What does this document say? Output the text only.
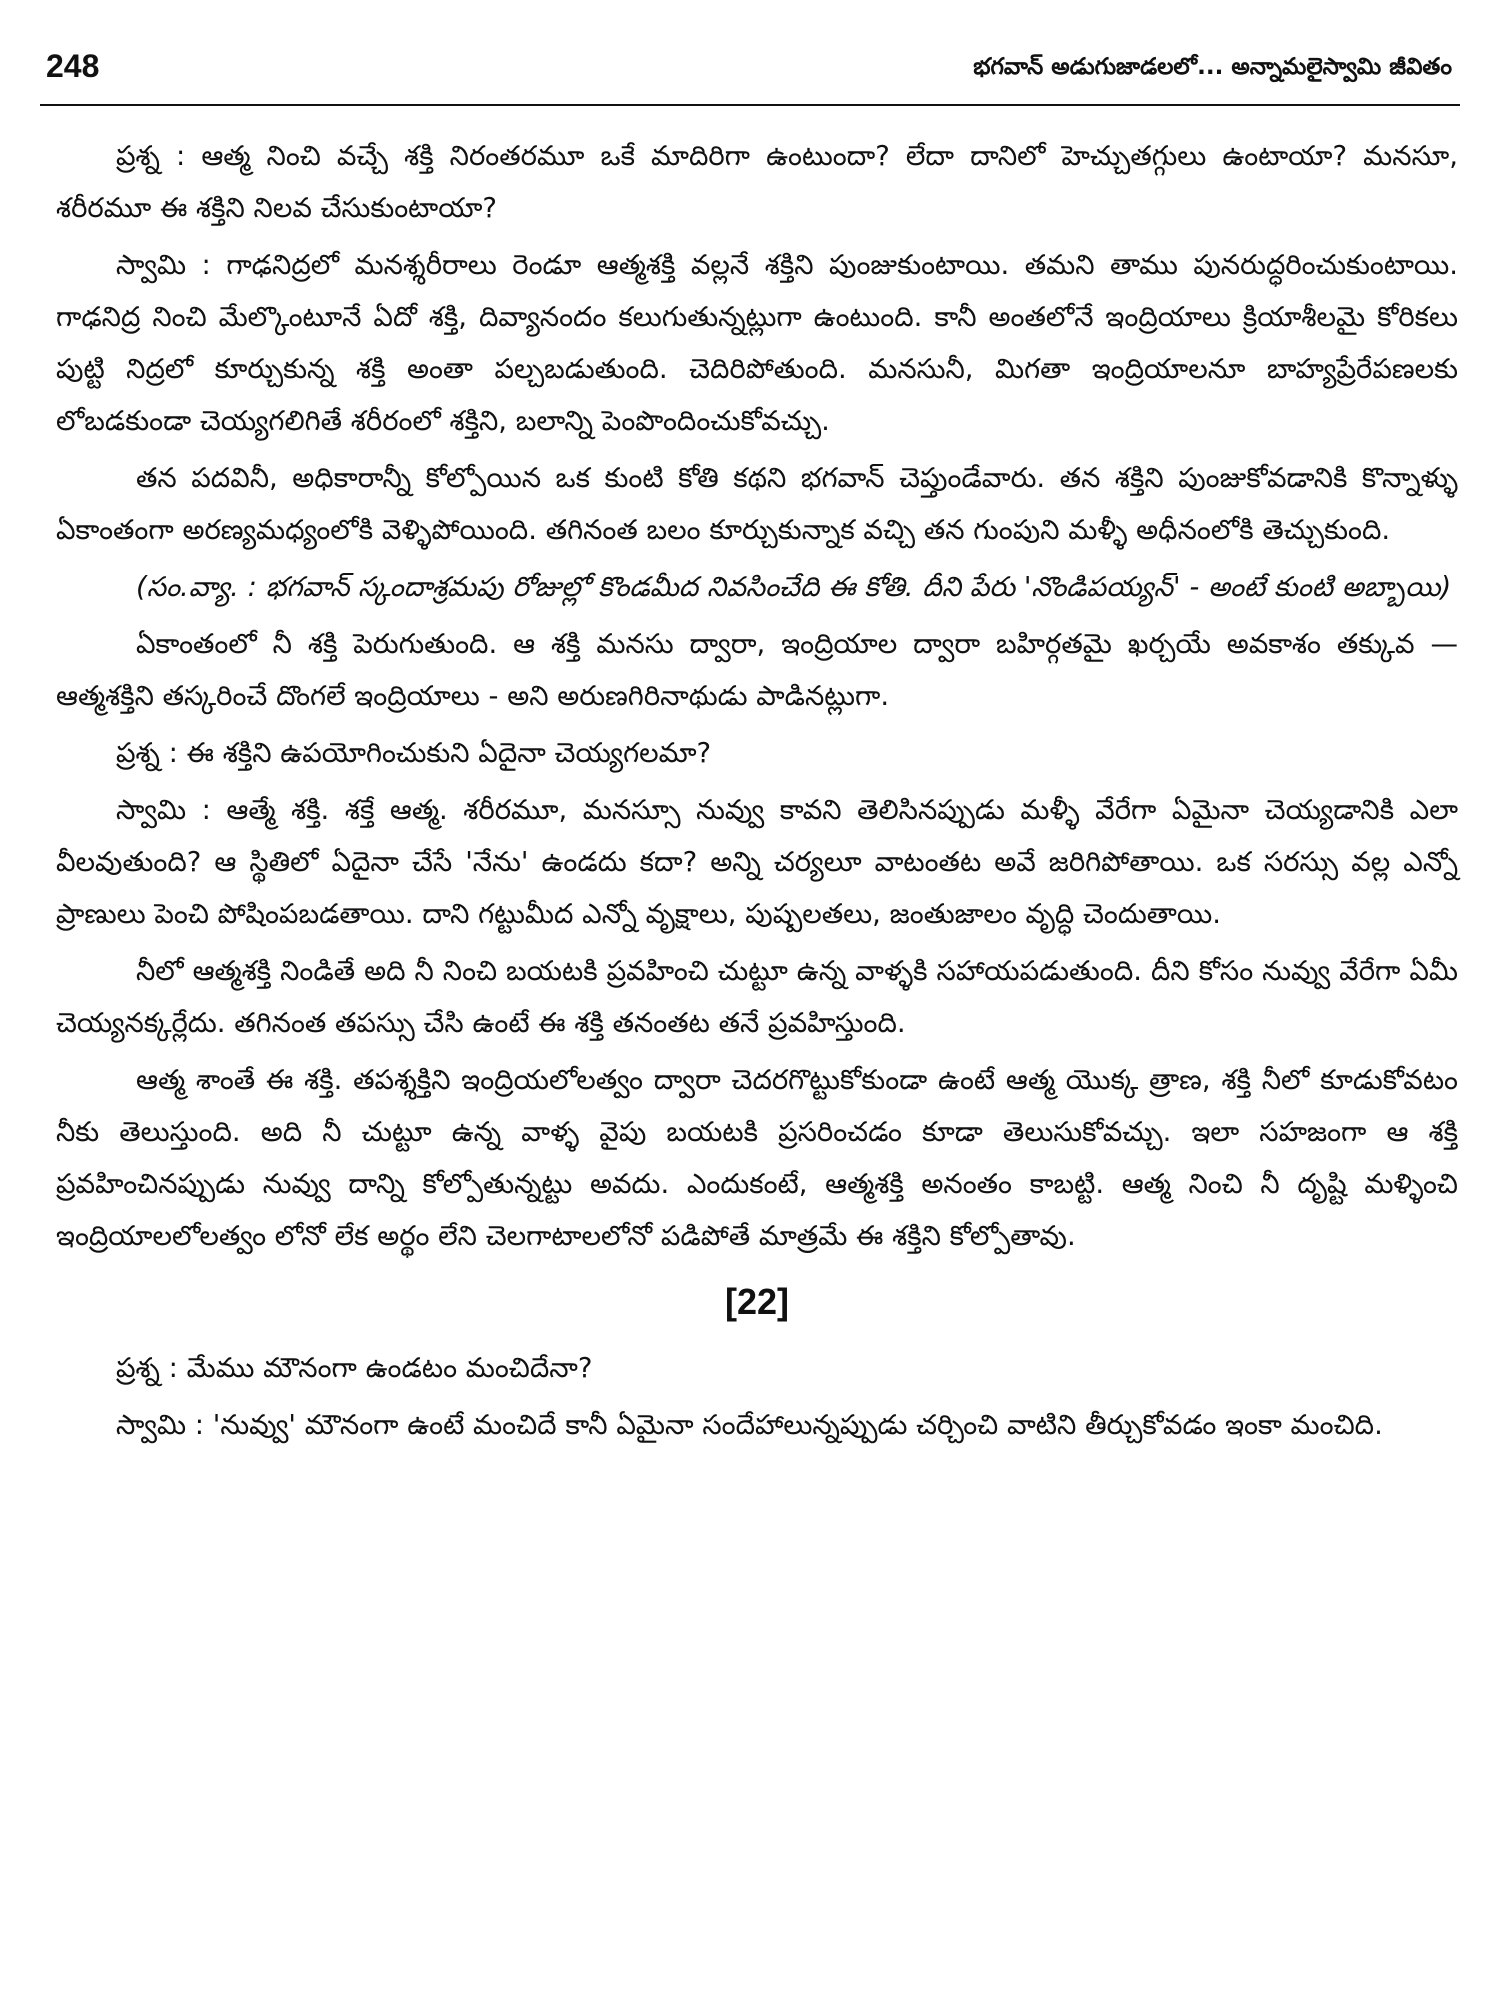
248	భగవాన్ అడుగుజాడలలో... అన్నామలైస్వామి జీవితం

ప్రశ్న : ఆత్మ నించి వచ్చే శక్తి నిరంతరమూ ఒకే మాదిరిగా ఉంటుందా? లేదా దానిలో హెచ్చుతగ్గులు ఉంటాయా? మనసూ, శరీరమూ ఈ శక్తిని నిలవ చేసుకుంటాయా?

స్వామి : గాఢనిద్రలో మనశ్శరీరాలు రెండూ ఆత్మశక్తి వల్లనే శక్తిని పుంజుకుంటాయి. తమని తాము పునరుద్ధరించుకుంటాయి. గాఢనిద్ర నించి మేల్కొంటూనే ఏదో శక్తి, దివ్యానందం కలుగుతున్నట్లుగా ఉంటుంది. కానీ అంతలోనే ఇంద్రియాలు క్రియాశీలమై కోరికలు పుట్టి నిద్రలో కూర్చుకున్న శక్తి అంతా పల్చబడుతుంది. చెదిరిపోతుంది. మనసునీ, మిగతా ఇంద్రియాలనూ బాహ్యప్రేరేపణలకు లోబడకుండా చెయ్యగలిగితే శరీరంలో శక్తిని, బలాన్ని పెంపొందించుకోవచ్చు.

తన పదవినీ, అధికారాన్నీ కోల్పోయిన ఒక కుంటి కోతి కథని భగవాన్ చెప్తుండేవారు. తన శక్తిని పుంజుకోవడానికి కొన్నాళ్ళు ఏకాంతంగా అరణ్యమధ్యంలోకి వెళ్ళిపోయింది. తగినంత బలం కూర్చుకున్నాక వచ్చి తన గుంపుని మళ్ళీ అధీనంలోకి తెచ్చుకుంది.

(సం.వ్యా. : భగవాన్ స్కందాశ్రమపు రోజుల్లో కొండమీద నివసించేది ఈ కోతి. దీని పేరు 'నొండిపయ్యన్' - అంటే కుంటి అబ్బాయి)

ఏకాంతంలో నీ శక్తి పెరుగుతుంది. ఆ శక్తి మనసు ద్వారా, ఇంద్రియాల ద్వారా బహిర్గతమై ఖర్చయే అవకాశం తక్కువ — ఆత్మశక్తిని తస్కరించే దొంగలే ఇంద్రియాలు - అని అరుణగిరినాథుడు పాడినట్లుగా.

ప్రశ్న : ఈ శక్తిని ఉపయోగించుకుని ఏదైనా చెయ్యగలమా?

స్వామి : ఆత్మే శక్తి. శక్తే ఆత్మ. శరీరమూ, మనస్సూ నువ్వు కావని తెలిసినప్పుడు మళ్ళీ వేరేగా ఏమైనా చెయ్యడానికి ఎలా వీలవుతుంది? ఆ స్థితిలో ఏదైనా చేసే 'నేను' ఉండదు కదా? అన్ని చర్యలూ వాటంతట అవే జరిగిపోతాయి. ఒక సరస్సు వల్ల ఎన్నో ప్రాణులు పెంచి పోషింపబడతాయి. దాని గట్టుమీద ఎన్నో వృక్షాలు, పుష్పలతలు, జంతుజాలం వృద్ధి చెందుతాయి.

నీలో ఆత్మశక్తి నిండితే అది నీ నించి బయటకి ప్రవహించి చుట్టూ ఉన్న వాళ్ళకి సహాయపడుతుంది. దీని కోసం నువ్వు వేరేగా ఏమీ చెయ్యనక్కర్లేదు. తగినంత తపస్సు చేసి ఉంటే ఈ శక్తి తనంతట తనే ప్రవహిస్తుంది.

ఆత్మ శాంతే ఈ శక్తి. తపశ్శక్తిని ఇంద్రియలోలత్వం ద్వారా చెదరగొట్టుకోకుండా ఉంటే ఆత్మ యొక్క త్రాణ, శక్తి నీలో కూడుకోవటం నీకు తెలుస్తుంది. అది నీ చుట్టూ ఉన్న వాళ్ళ వైపు బయటకి ప్రసరించడం కూడా తెలుసుకోవచ్చు. ఇలా సహజంగా ఆ శక్తి ప్రవహించినప్పుడు నువ్వు దాన్ని కోల్పోతున్నట్టు అవదు. ఎందుకంటే, ఆత్మశక్తి అనంతం కాబట్టి. ఆత్మ నించి నీ దృష్టి మళ్ళించి ఇంద్రియాలలోలత్వం లోనో లేక అర్థం లేని చెలగాటాలలోనో పడిపోతే మాత్రమే ఈ శక్తిని కోల్పోతావు.

[22]

ప్రశ్న : మేము మౌనంగా ఉండటం మంచిదేనా?

స్వామి : 'నువ్వు' మౌనంగా ఉంటే మంచిదే కానీ ఏమైనా సందేహాలున్నప్పుడు చర్చించి వాటిని తీర్చుకోవడం ఇంకా మంచిది.
